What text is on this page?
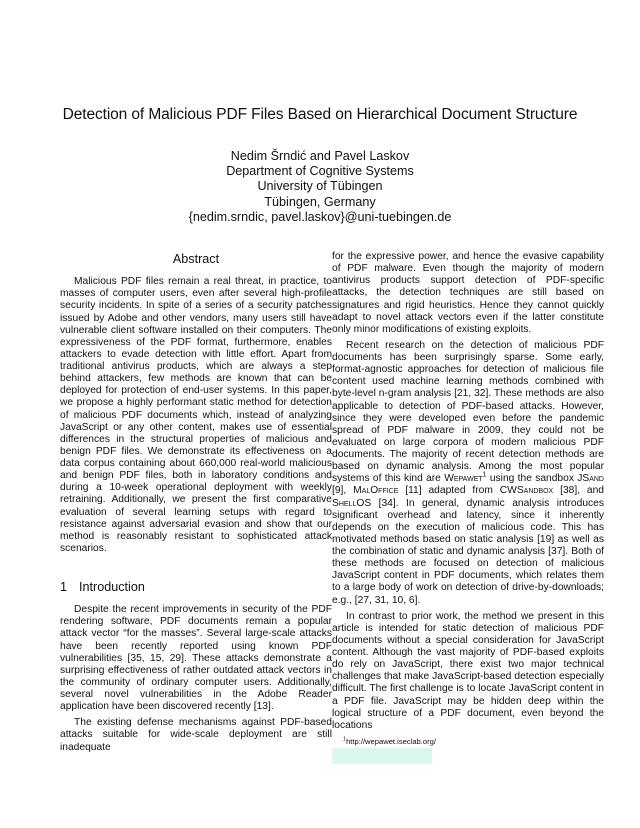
Detection of Malicious PDF Files Based on Hierarchical Document Structure
Nedim Šrndić and Pavel Laskov
Department of Cognitive Systems
University of Tübingen
Tübingen, Germany
{nedim.srndic, pavel.laskov}@uni-tuebingen.de
Abstract

Malicious PDF files remain a real threat, in practice, to masses of computer users, even after several high-profile security incidents. In spite of a series of a security patches issued by Adobe and other vendors, many users still have vulnerable client software installed on their computers. The expressiveness of the PDF format, furthermore, enables attackers to evade detection with little effort. Apart from traditional antivirus products, which are always a step behind attackers, few methods are known that can be deployed for protection of end-user systems. In this paper, we propose a highly performant static method for detection of malicious PDF documents which, instead of analyzing JavaScript or any other content, makes use of essential differences in the structural properties of malicious and benign PDF files. We demonstrate its effectiveness on a data corpus containing about 660,000 real-world malicious and benign PDF files, both in laboratory conditions and during a 10-week operational deployment with weekly retraining. Additionally, we present the first comparative evaluation of several learning setups with regard to resistance against adversarial evasion and show that our method is reasonably resistant to sophisticated attack scenarios.

1 Introduction

Despite the recent improvements in security of the PDF rendering software, PDF documents remain a popular attack vector “for the masses”. Several large-scale attacks have been recently reported using known PDF vulnerabilities [35, 15, 29]. These attacks demonstrate a surprising effectiveness of rather outdated attack vectors in the community of ordinary computer users. Additionally, several novel vulnerabilities in the Adobe Reader application have been discovered recently [13].

The existing defense mechanisms against PDF-based attacks suitable for wide-scale deployment are still inadequate

for the expressive power, and hence the evasive capability of PDF malware. Even though the majority of modern antivirus products support detection of PDF-specific attacks, the detection techniques are still based on signatures and rigid heuristics. Hence they cannot quickly adapt to novel attack vectors even if the latter constitute only minor modifications of existing exploits.

Recent research on the detection of malicious PDF documents has been surprisingly sparse. Some early, format-agnostic approaches for detection of malicious file content used machine learning methods combined with byte-level n-gram analysis [21, 32]. These methods are also applicable to detection of PDF-based attacks. However, since they were developed even before the pandemic spread of PDF malware in 2009, they could not be evaluated on large corpora of modern malicious PDF documents. The majority of recent detection methods are based on dynamic analysis. Among the most popular systems of this kind are Wepawet$^1$ using the sandbox JSand [9], MalOffice [11] adapted from CWSandbox [38], and ShellOS [34]. In general, dynamic analysis introduces significant overhead and latency, since it inherently depends on the execution of malicious code. This has motivated methods based on static analysis [19] as well as the combination of static and dynamic analysis [37]. Both of these methods are focused on detection of malicious JavaScript content in PDF documents, which relates them to a large body of work on detection of drive-by-downloads; e.g., [27, 31, 10, 6].

In contrast to prior work, the method we present in this article is intended for static detection of malicious PDF documents without a special consideration for JavaScript content. Although the vast majority of PDF-based exploits do rely on JavaScript, there exist two major technical challenges that make JavaScript-based detection especially difficult. The first challenge is to locate JavaScript content in a PDF file. JavaScript may be hidden deep within the logical structure of a PDF document, even beyond the locations

$^1$http://wepawet.iseclab.org/
